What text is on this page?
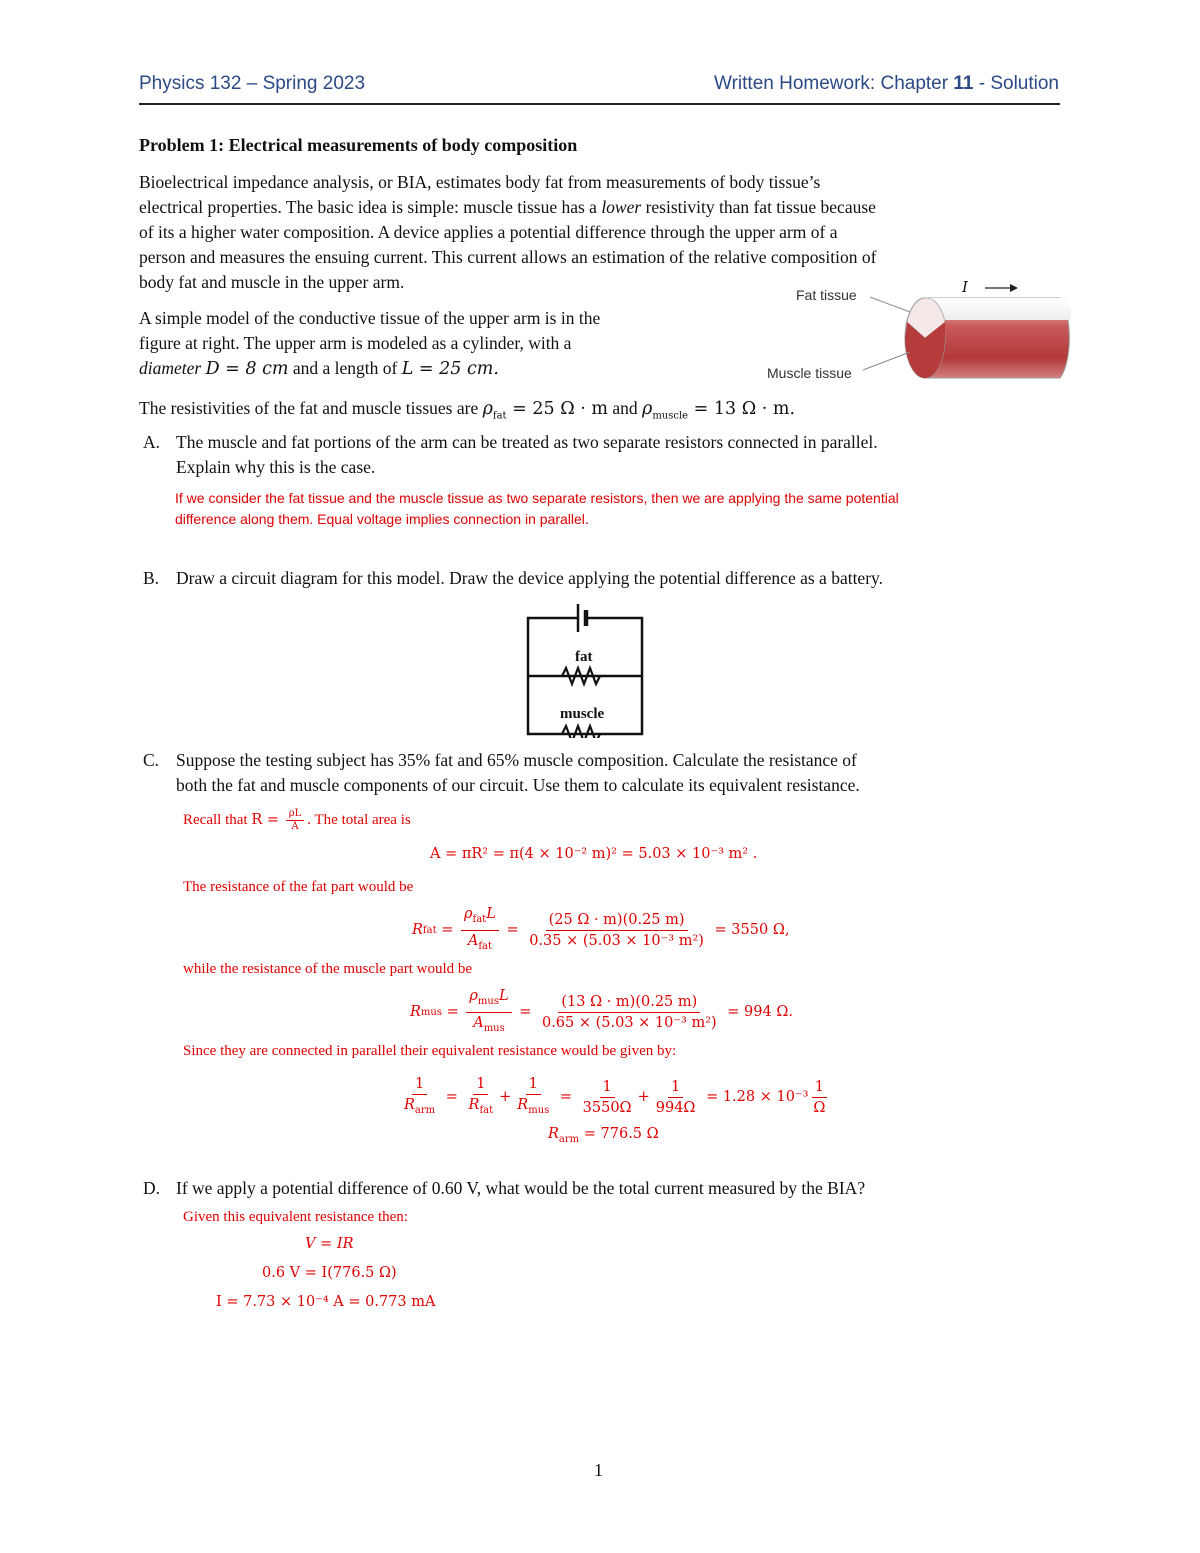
Physics 132 – Spring 2023	Written Homework: Chapter 11 - Solution
Problem 1: Electrical measurements of body composition
Bioelectrical impedance analysis, or BIA, estimates body fat from measurements of body tissue’s
electrical properties. The basic idea is simple: muscle tissue has a lower resistivity than fat tissue because
of its a higher water composition. A device applies a potential difference through the upper arm of a
person and measures the ensuing current. This current allows an estimation of the relative composition of
body fat and muscle in the upper arm.
A simple model of the conductive tissue of the upper arm is in the
figure at right. The upper arm is modeled as a cylinder, with a
diameter D = 8 cm and a length of L = 25 cm.
Fat tissue
Muscle tissue
I
The resistivities of the fat and muscle tissues are $\rho_{fat} = 25$ Ω · m and $\rho_{muscle} = 13$ Ω · m.
A. The muscle and fat portions of the arm can be treated as two separate resistors connected in parallel.
Explain why this is the case.
If we consider the fat tissue and the muscle tissue as two separate resistors, then we are applying the same potential
difference along them. Equal voltage implies connection in parallel.
B. Draw a circuit diagram for this model. Draw the device applying the potential difference as a battery.
fat
muscle
C. Suppose the testing subject has 35% fat and 65% muscle composition. Calculate the resistance of
both the fat and muscle components of our circuit. Use them to calculate its equivalent resistance.
Recall that $R = \frac{\rho L}{A}$ . The total area is
A = πR² = π(4 × 10⁻² m)² = 5.03 × 10⁻³ m² .
The resistance of the fat part would be
R fat = $\frac{\rho_{fat}L}{A_{fat}} = \frac{(25 \Omega \cdot m)(0.25 m)}{\text{0.35 × (5.03 × 10⁻³ m²)}}$
= 3550 Ω,
while the resistance of the muscle part would be
R mus = $\frac{\rho_{mus}L}{A_{mus}} = \frac{(13 \Omega \cdot m)(0.25 m)}{\text{0.65 × (5.03 × 10⁻³ m²)}}$
= 994 Ω.
Since they are connected in parallel their equivalent resistance would be given by:
$\frac{1}{R_{arm}} = \frac{1}{R_{fat}} + \frac{1}{R_{mus}} = \frac{1}{3550\Omega} + \frac{1}{994\Omega}$
= $1.28 \times 10^{-3} \frac{1}{\Omega}$
$R_{arm} = 776.5$ Ω
D. If we apply a potential difference of 0.60 V, what would be the total current measured by the BIA?
Given this equivalent resistance then:
V = IR
0.6 V = I(776.5 Ω)
I = 7.73 × 10⁻⁴ A = 0.773 mA
1
